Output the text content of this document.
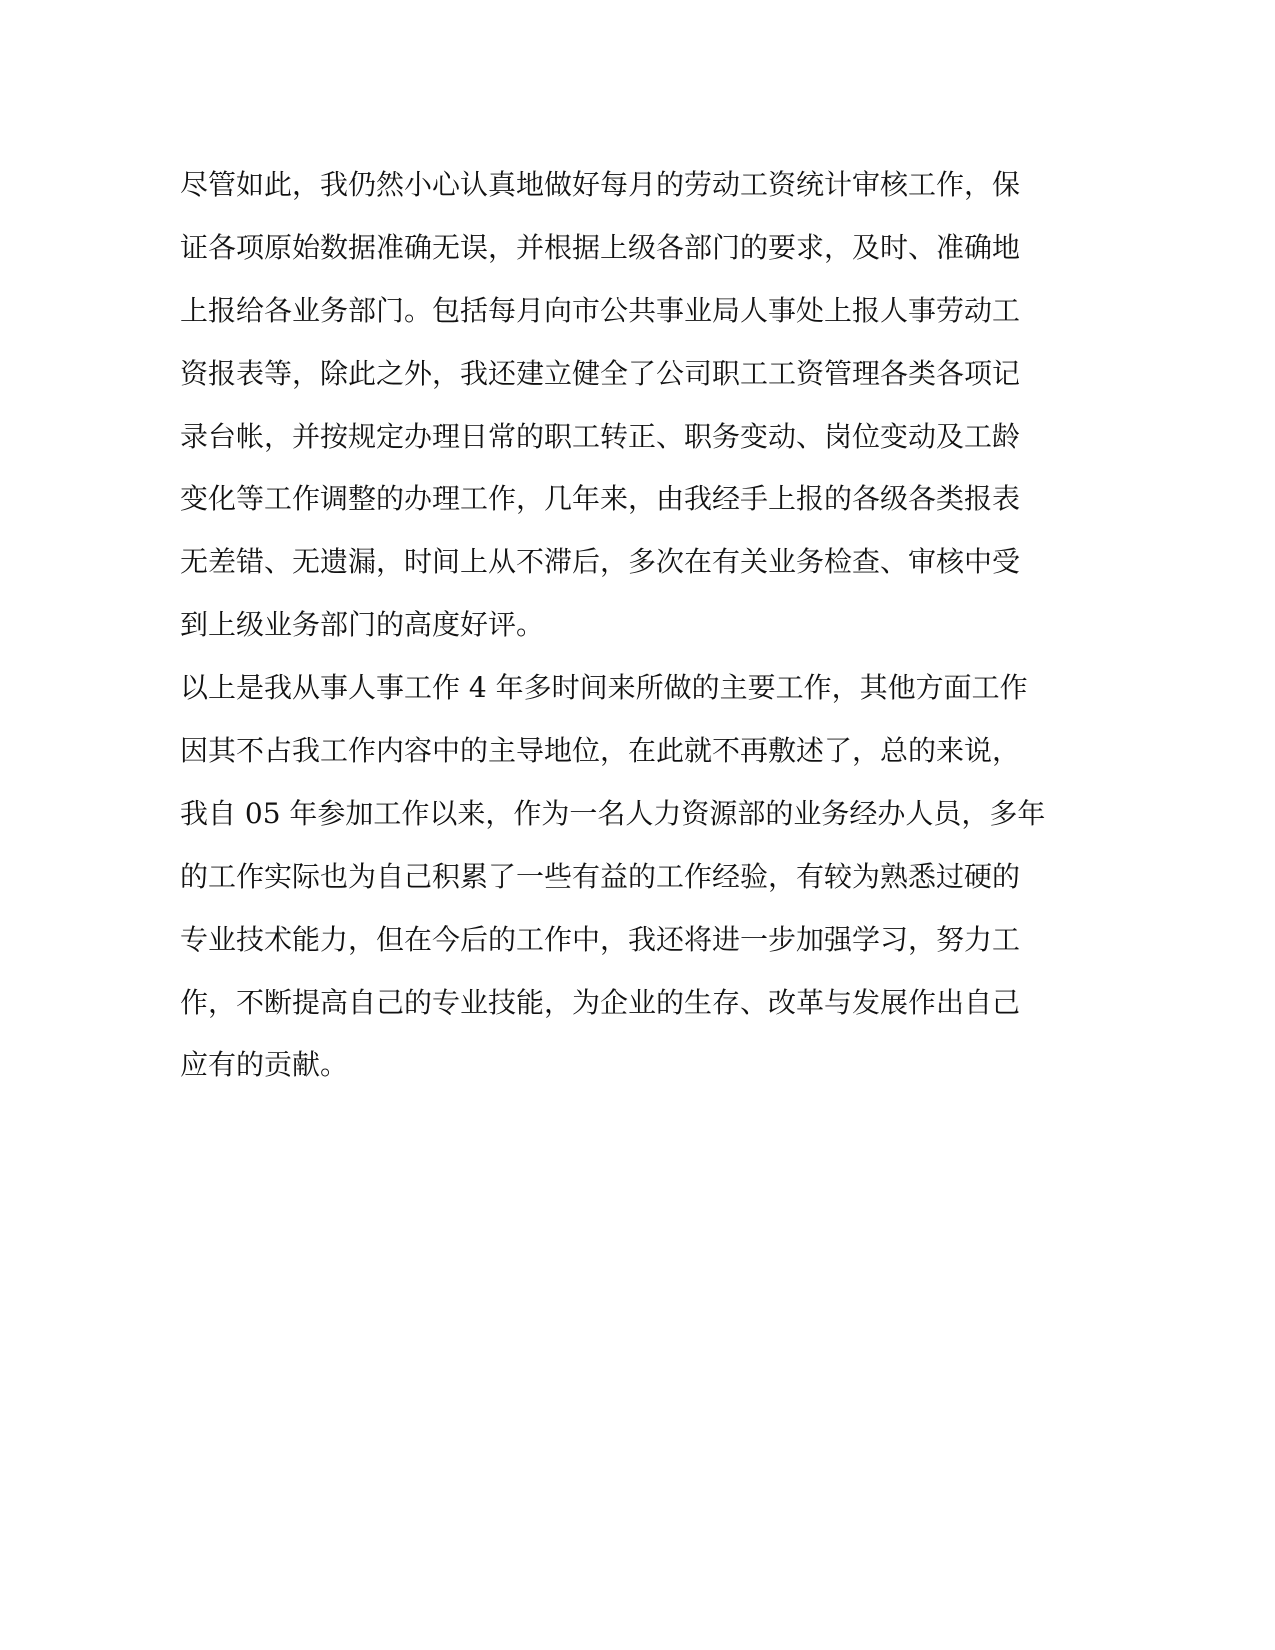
尽管如此，我仍然小心认真地做好每月的劳动工资统计审核工作，保
证各项原始数据准确无误，并根据上级各部门的要求，及时、准确地
上报给各业务部门。包括每月向市公共事业局人事处上报人事劳动工
资报表等，除此之外，我还建立健全了公司职工工资管理各类各项记
录台帐，并按规定办理日常的职工转正、职务变动、岗位变动及工龄
变化等工作调整的办理工作，几年来，由我经手上报的各级各类报表
无差错、无遗漏，时间上从不滞后，多次在有关业务检查、审核中受
到上级业务部门的高度好评。
以上是我从事人事工作 4 年多时间来所做的主要工作，其他方面工作
因其不占我工作内容中的主导地位，在此就不再敷述了，总的来说，
我自 05 年参加工作以来，作为一名人力资源部的业务经办人员，多年
的工作实际也为自己积累了一些有益的工作经验，有较为熟悉过硬的
专业技术能力，但在今后的工作中，我还将进一步加强学习，努力工
作，不断提高自己的专业技能，为企业的生存、改革与发展作出自己
应有的贡献。
